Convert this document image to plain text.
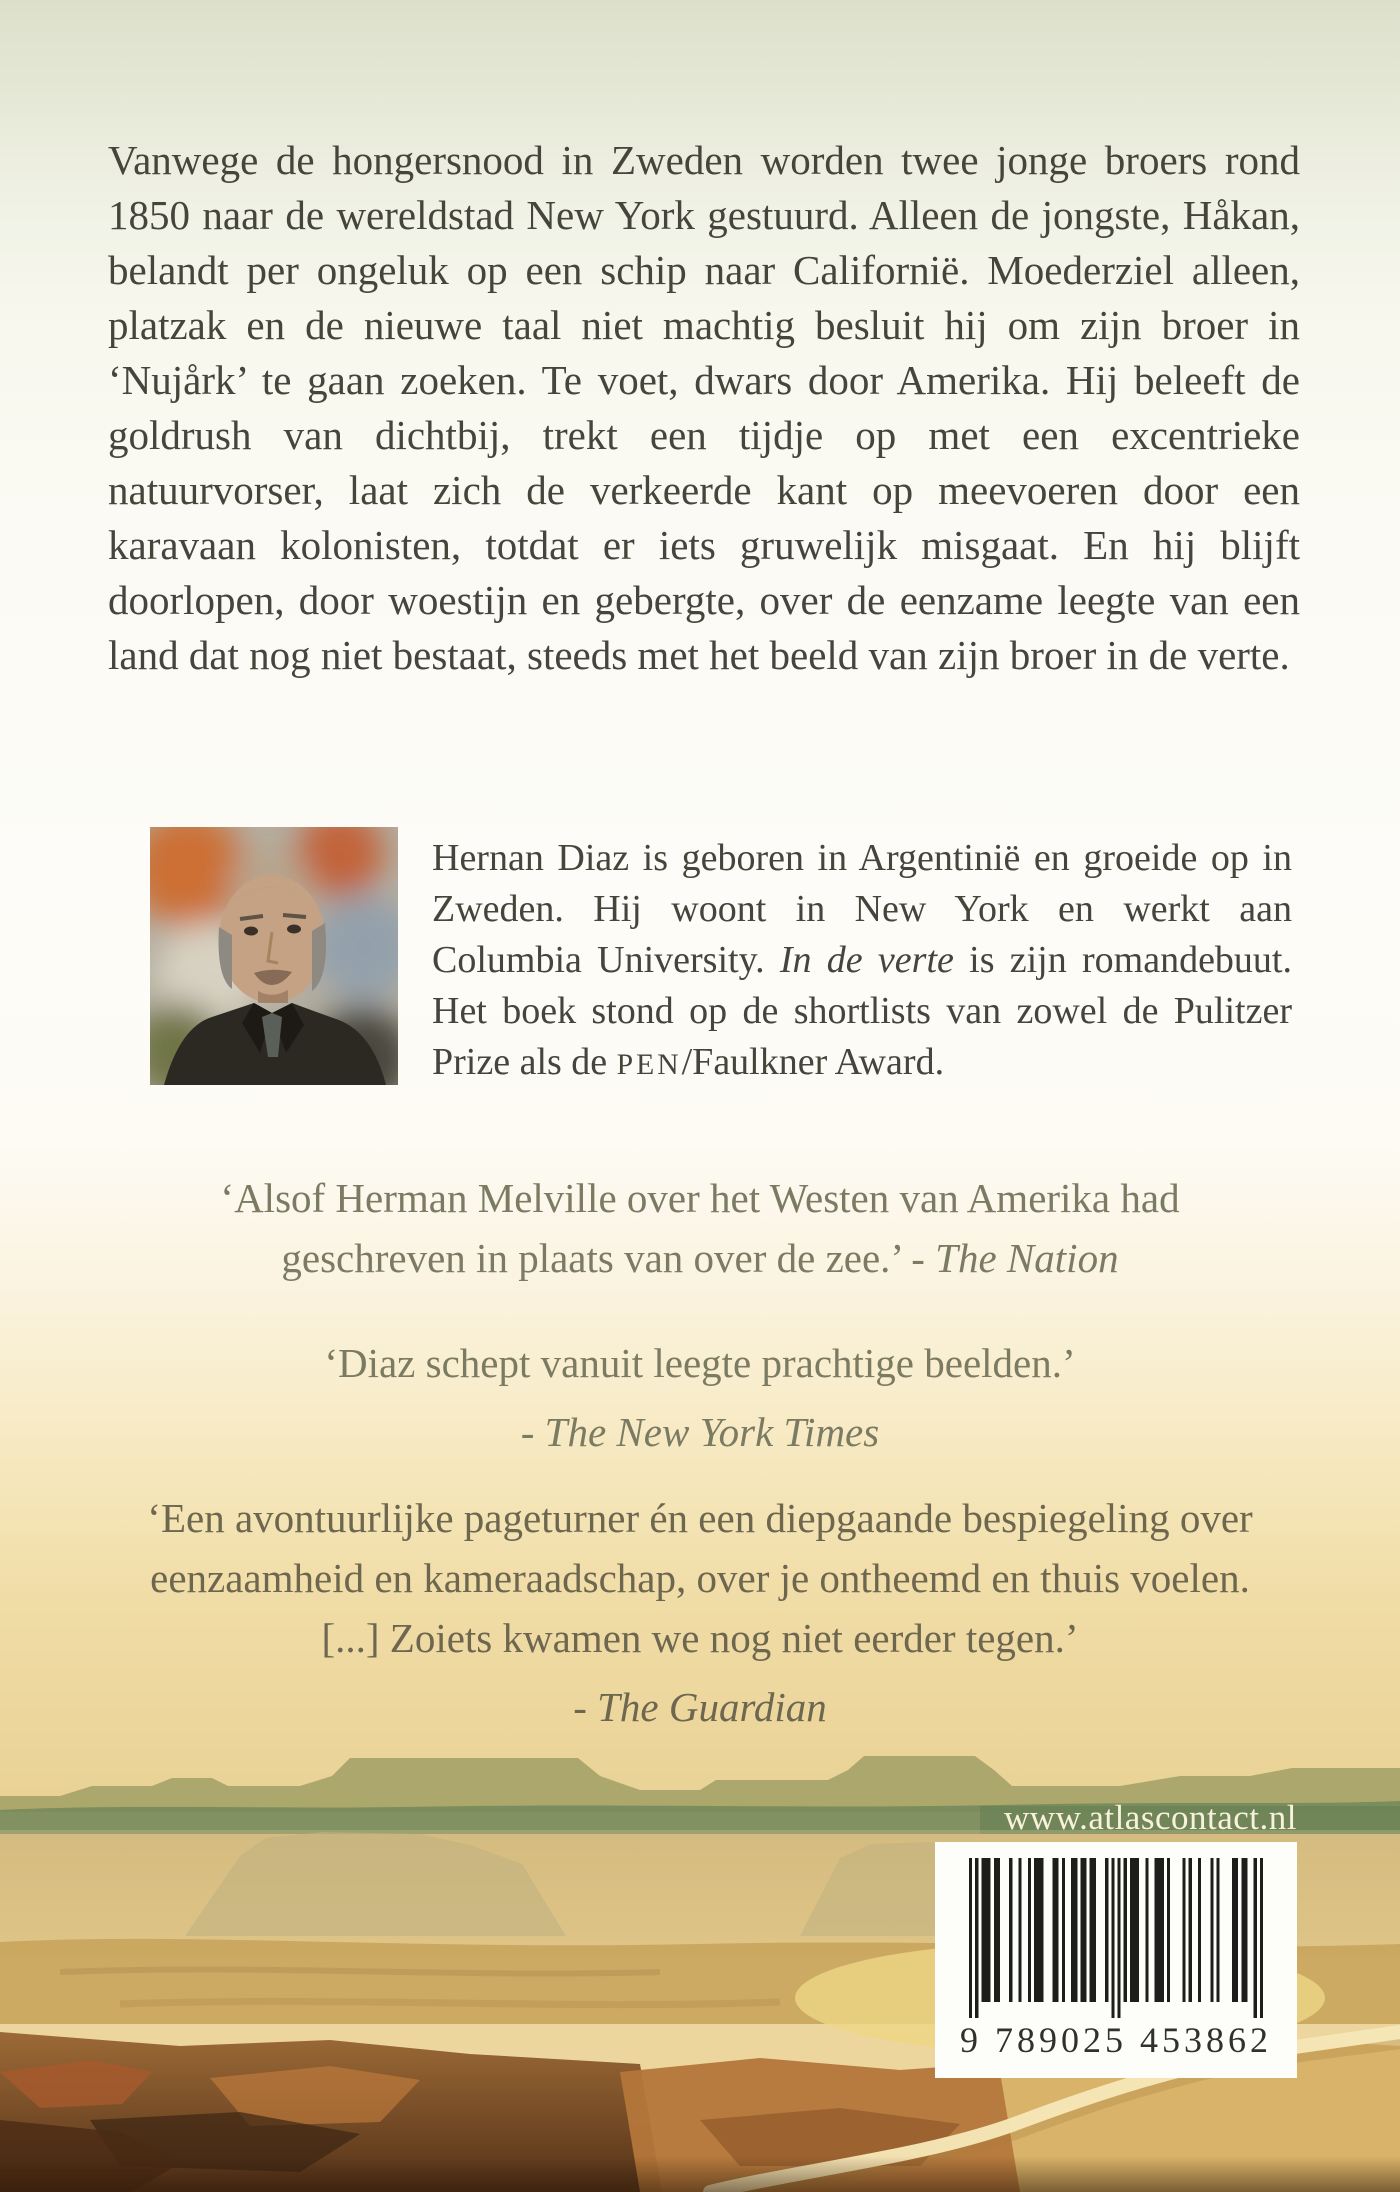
Vanwege de hongersnood in Zweden worden twee jonge broers rond 1850 naar de wereldstad New York gestuurd. Alleen de jongste, Håkan, belandt per ongeluk op een schip naar Californië. Moederziel alleen, platzak en de nieuwe taal niet machtig besluit hij om zijn broer in ‘Nujårk’ te gaan zoeken. Te voet, dwars door Amerika. Hij beleeft de goldrush van dichtbij, trekt een tijdje op met een excentrieke natuurvorser, laat zich de verkeerde kant op meevoeren door een karavaan kolonisten, totdat er iets gruwelijk misgaat. En hij blijft doorlopen, door woestijn en gebergte, over de eenzame leegte van een land dat nog niet bestaat, steeds met het beeld van zijn broer in de verte.

Hernan Diaz is geboren in Argentinië en groeide op in Zweden. Hij woont in New York en werkt aan Columbia University. In de verte is zijn romandebuut. Het boek stond op de shortlists van zowel de Pulitzer Prize als de PEN/Faulkner Award.

‘Alsof Herman Melville over het Westen van Amerika had geschreven in plaats van over de zee.’ - The Nation
‘Diaz schept vanuit leegte prachtige beelden.’
- The New York Times
‘Een avontuurlijke pageturner én een diepgaande bespiegeling over eenzaamheid en kameraadschap, over je ontheemd en thuis voelen. [...] Zoiets kwamen we nog niet eerder tegen.’
- The Guardian
www.atlascontact.nl
9 789025 453862
